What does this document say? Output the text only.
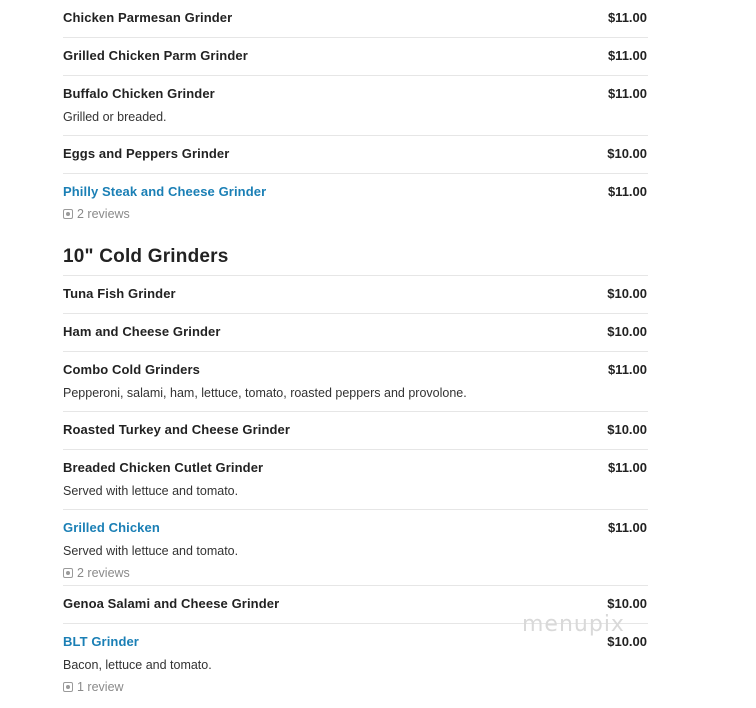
Chicken Parmesan Grinder	$11.00
Grilled Chicken Parm Grinder	$11.00
Buffalo Chicken Grinder	$11.00
Grilled or breaded.
Eggs and Peppers Grinder	$10.00
Philly Steak and Cheese Grinder	$11.00
2 reviews
10" Cold Grinders
Tuna Fish Grinder	$10.00
Ham and Cheese Grinder	$10.00
Combo Cold Grinders	$11.00
Pepperoni, salami, ham, lettuce, tomato, roasted peppers and provolone.
Roasted Turkey and Cheese Grinder	$10.00
Breaded Chicken Cutlet Grinder	$11.00
Served with lettuce and tomato.
Grilled Chicken	$11.00
Served with lettuce and tomato.
2 reviews
Genoa Salami and Cheese Grinder	$10.00
BLT Grinder	$10.00
Bacon, lettuce and tomato.
1 review
menupix
